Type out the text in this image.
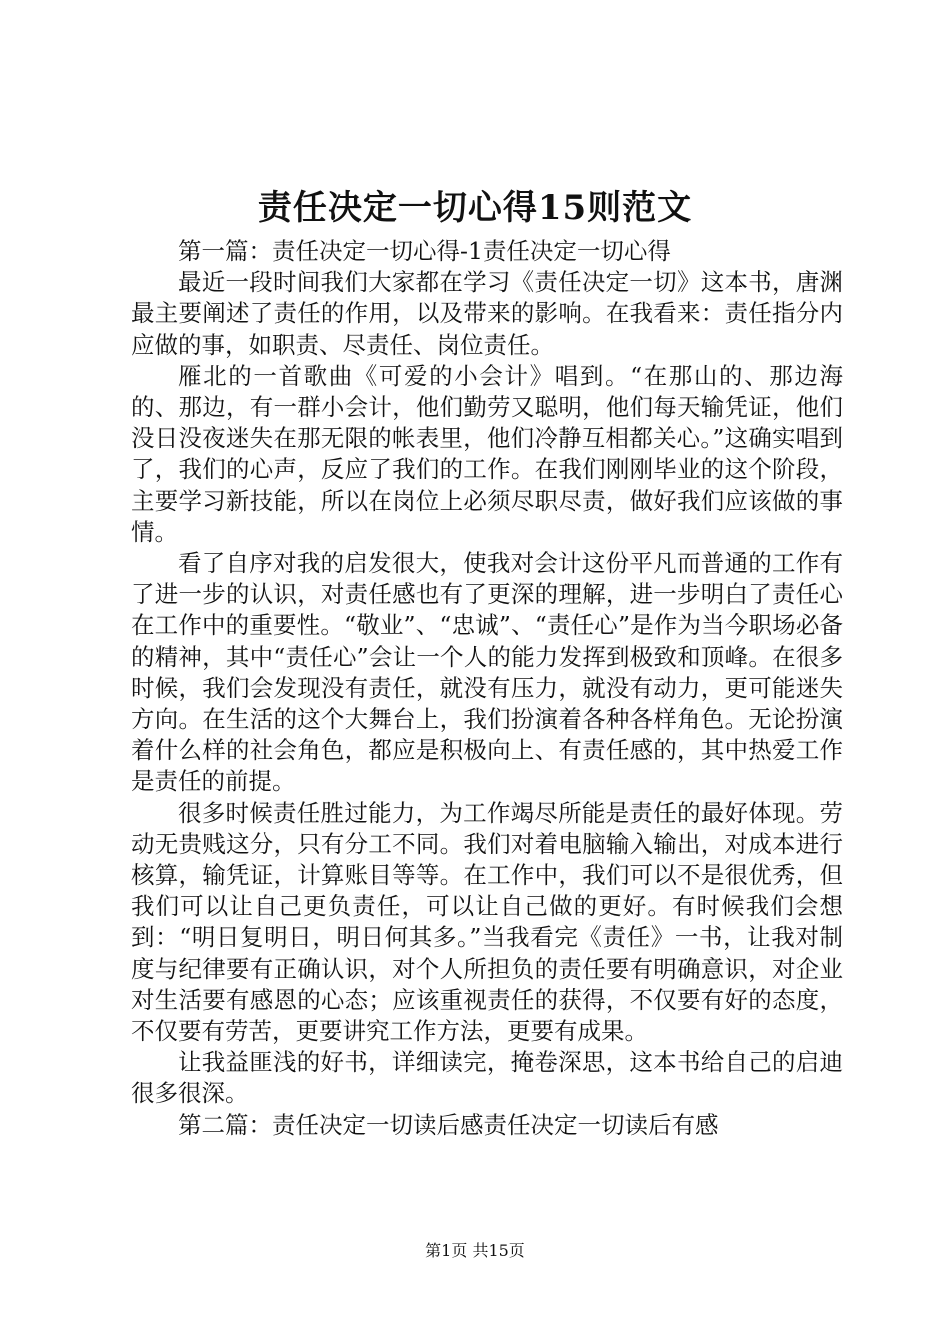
责任决定一切心得15则范文

第一篇：责任决定一切心得-1责任决定一切心得

最近一段时间我们大家都在学习《责任决定一切》这本书，唐渊最主要阐述了责任的作用，以及带来的影响。在我看来：责任指分内应做的事，如职责、尽责任、岗位责任。

雁北的一首歌曲《可爱的小会计》唱到。“在那山的、那边海的、那边，有一群小会计，他们勤劳又聪明，他们每天输凭证，他们没日没夜迷失在那无限的帐表里，他们冷静互相都关心。”这确实唱到了，我们的心声，反应了我们的工作。在我们刚刚毕业的这个阶段，主要学习新技能，所以在岗位上必须尽职尽责，做好我们应该做的事情。

看了自序对我的启发很大，使我对会计这份平凡而普通的工作有了进一步的认识，对责任感也有了更深的理解，进一步明白了责任心在工作中的重要性。“敬业”、“忠诚”、“责任心”是作为当今职场必备的精神，其中“责任心”会让一个人的能力发挥到极致和顶峰。在很多时候，我们会发现没有责任，就没有压力，就没有动力，更可能迷失方向。在生活的这个大舞台上，我们扮演着各种各样角色。无论扮演着什么样的社会角色，都应是积极向上、有责任感的，其中热爱工作是责任的前提。

很多时候责任胜过能力，为工作竭尽所能是责任的最好体现。劳动无贵贱这分，只有分工不同。我们对着电脑输入输出，对成本进行核算，输凭证，计算账目等等。在工作中，我们可以不是很优秀，但我们可以让自己更负责任，可以让自己做的更好。有时候我们会想到：“明日复明日，明日何其多。”当我看完《责任》一书，让我对制度与纪律要有正确认识，对个人所担负的责任要有明确意识，对企业对生活要有感恩的心态；应该重视责任的获得，不仅要有好的态度，不仅要有劳苦，更要讲究工作方法，更要有成果。

让我益匪浅的好书，详细读完，掩卷深思，这本书给自己的启迪很多很深。

第二篇：责任决定一切读后感责任决定一切读后有感

第1页 共15页
